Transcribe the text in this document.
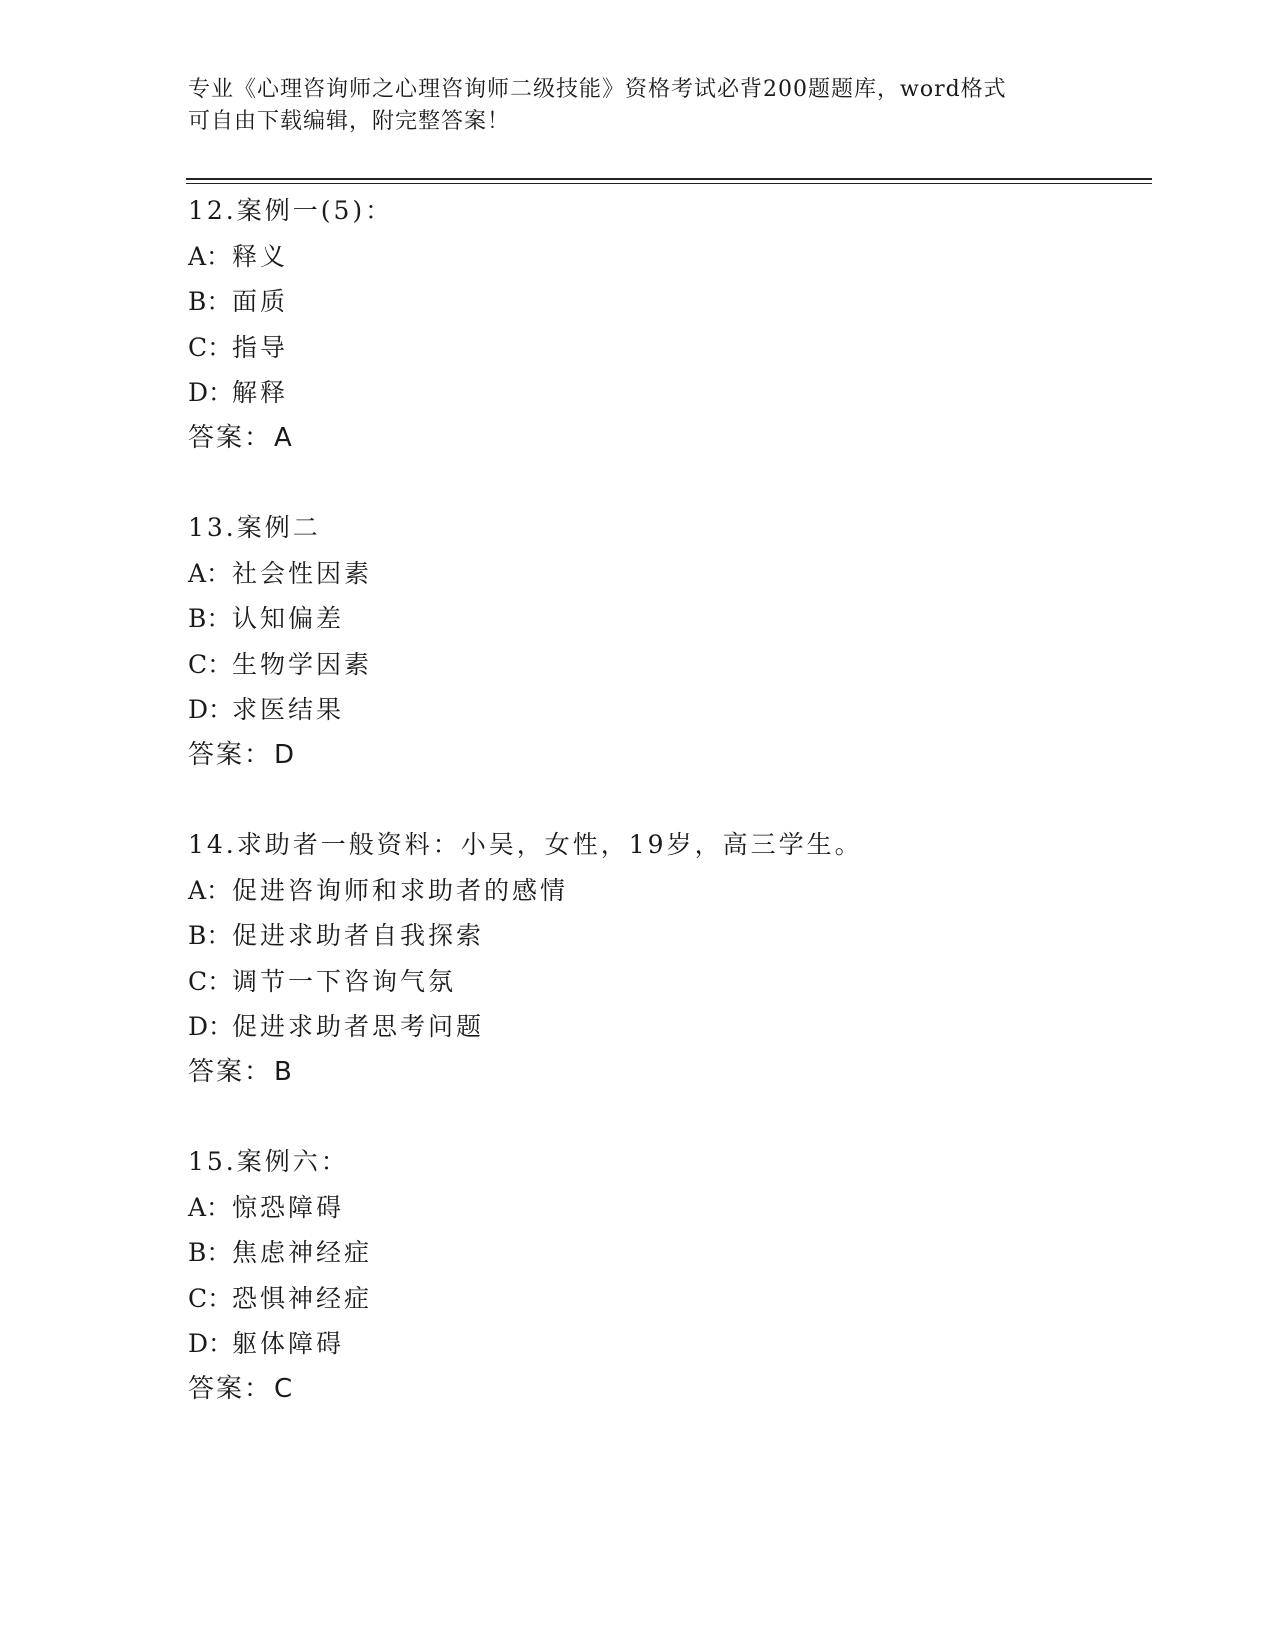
专业《心理咨询师之心理咨询师二级技能》资格考试必背200题题库，word格式
可自由下载编辑，附完整答案！
12.案例一(5)：
A：释义
B：面质
C：指导
D：解释
答案：A
13.案例二
A：社会性因素
B：认知偏差
C：生物学因素
D：求医结果
答案：D
14.求助者一般资料：小吴，女性，19岁，高三学生。
A：促进咨询师和求助者的感情
B：促进求助者自我探索
C：调节一下咨询气氛
D：促进求助者思考问题
答案：B
15.案例六：
A：惊恐障碍
B：焦虑神经症
C：恐惧神经症
D：躯体障碍
答案：C
